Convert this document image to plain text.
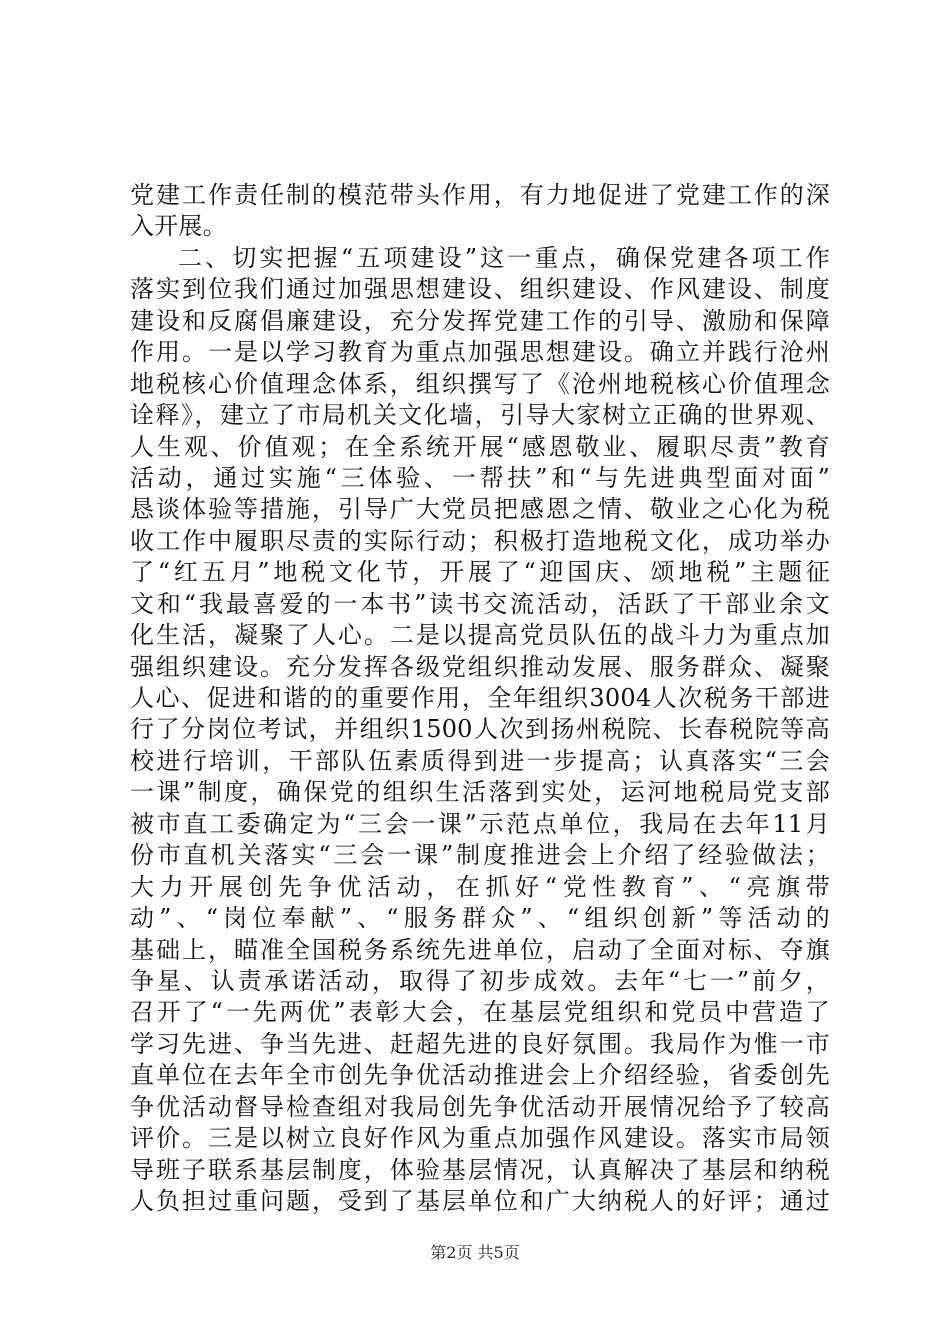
党建工作责任制的模范带头作用，有力地促进了党建工作的深
入开展。
二、切实把握“五项建设”这一重点，确保党建各项工作
落实到位我们通过加强思想建设、组织建设、作风建设、制度
建设和反腐倡廉建设，充分发挥党建工作的引导、激励和保障
作用。一是以学习教育为重点加强思想建设。确立并践行沧州
地税核心价值理念体系，组织撰写了《沧州地税核心价值理念
诠释》，建立了市局机关文化墙，引导大家树立正确的世界观、
人生观、价值观；在全系统开展“感恩敬业、履职尽责”教育
活动，通过实施“三体验、一帮扶”和“与先进典型面对面”
恳谈体验等措施，引导广大党员把感恩之情、敬业之心化为税
收工作中履职尽责的实际行动；积极打造地税文化，成功举办
了“红五月”地税文化节，开展了“迎国庆、颂地税”主题征
文和“我最喜爱的一本书”读书交流活动，活跃了干部业余文
化生活，凝聚了人心。二是以提高党员队伍的战斗力为重点加
强组织建设。充分发挥各级党组织推动发展、服务群众、凝聚
人心、促进和谐的的重要作用，全年组织3004人次税务干部进
行了分岗位考试，并组织1500人次到扬州税院、长春税院等高
校进行培训，干部队伍素质得到进一步提高；认真落实“三会
一课”制度，确保党的组织生活落到实处，运河地税局党支部
被市直工委确定为“三会一课”示范点单位，我局在去年11月
份市直机关落实“三会一课”制度推进会上介绍了经验做法；
大力开展创先争优活动，在抓好“党性教育”、“亮旗带
动”、“岗位奉献”、“服务群众”、“组织创新”等活动的
基础上，瞄准全国税务系统先进单位，启动了全面对标、夺旗
争星、认责承诺活动，取得了初步成效。去年“七一”前夕，
召开了“一先两优”表彰大会，在基层党组织和党员中营造了
学习先进、争当先进、赶超先进的良好氛围。我局作为惟一市
直单位在去年全市创先争优活动推进会上介绍经验，省委创先
争优活动督导检查组对我局创先争优活动开展情况给予了较高
评价。三是以树立良好作风为重点加强作风建设。落实市局领
导班子联系基层制度，体验基层情况，认真解决了基层和纳税
人负担过重问题，受到了基层单位和广大纳税人的好评；通过
第2页 共5页
